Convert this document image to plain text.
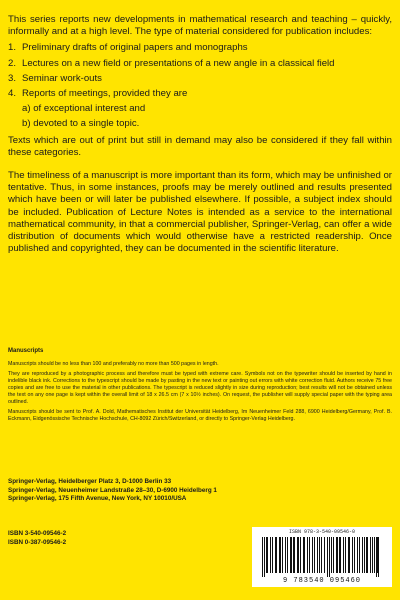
This series reports new developments in mathematical research and teaching – quickly, informally and at a high level. The type of material considered for publication includes:

1. Preliminary drafts of original papers and monographs
2. Lectures on a new field or presentations of a new angle in a classical field
3. Seminar work-outs
4. Reports of meetings, provided they are
a) of exceptional interest and
b) devoted to a single topic.

Texts which are out of print but still in demand may also be considered if they fall within these categories.

The timeliness of a manuscript is more important than its form, which may be unfinished or tentative. Thus, in some instances, proofs may be merely outlined and results presented which have been or will later be published elsewhere. If possible, a subject index should be included. Publication of Lecture Notes is intended as a service to the international mathematical community, in that a commercial publisher, Springer-Verlag, can offer a wide distribution of documents which would otherwise have a restricted readership. Once published and copyrighted, they can be documented in the scientific literature.

Manuscripts

Manuscripts should be no less than 100 and preferably no more than 500 pages in length.

They are reproduced by a photographic process and therefore must be typed with extreme care. Symbols not on the typewriter should be inserted by hand in indelible black ink. Corrections to the typescript should be made by pasting in the new text or painting out errors with white correction fluid. Authors receive 75 free copies and are free to use the material in other publications. The typescript is reduced slightly in size during reproduction; best results will not be obtained unless the text on any one page is kept within the overall limit of 18 x 26.5 cm (7 x 10½ inches). On request, the publisher will supply special paper with the typing area outlined.

Manuscripts should be sent to Prof. A. Dold, Mathematisches Institut der Universität Heidelberg, Im Neuenheimer Feld 288, 6900 Heidelberg/Germany, Prof. B. Eckmann, Eidgenössische Technische Hochschule, CH-8092 Zürich/Switzerland, or directly to Springer-Verlag Heidelberg.

Springer-Verlag, Heidelberger Platz 3, D-1000 Berlin 33
Springer-Verlag, Neuenheimer Landstraße 28–30, D-6900 Heidelberg 1
Springer-Verlag, 175 Fifth Avenue, New York, NY 10010/USA
ISBN 3-540-09546-2
ISBN 0-387-09546-2
ISBN 978-3-540-09546-0
9 783540 095460
